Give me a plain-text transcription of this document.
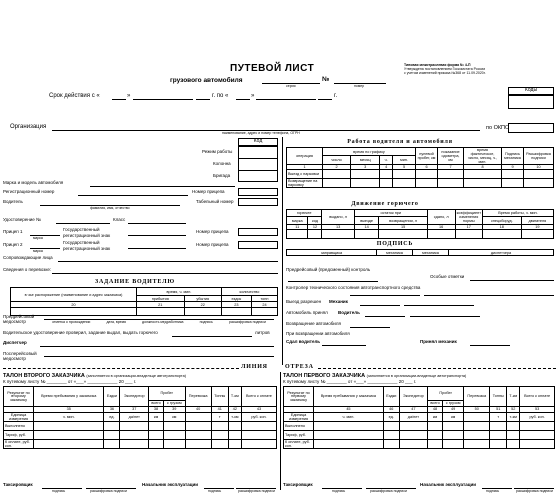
Типовая межотраслевая форма № 4-П
Утверждена постановлением Госкомстата России
с учетом изменений приказа №368 от 11.09.2020г.
ПУТЕВОЙ ЛИСТ
грузового автомобиля	№
серия	номер
Срок действия с «	»	г. по «	»	г.
Коды
по ОКПО
Организация
наименование, адрес и номер телефона, ОГРН
Код
Режим работы
Колонна
Бригада
Марка и модель автомобиля
Регистрационный номер	Номер прицепа
Водитель
фамилия, имя, отчество
Табельный номер
Удостоверение №	Класс
Прицеп 1
марка
Государственный
регистрационный знак
Номер прицепа
Прицеп 2
марка
Государственный
регистрационный знак
Номер прицепа
Сопровождающие лица
Сведения о перевозке:
ЗАДАНИЕ ВОДИТЕЛЮ
в чье распоряжение (наименование и адрес заказчика)	время, ч. мин.		количество	
	прибытия	убытия	ездок	тонн
20	21	22	23	24

Работа водителя и автомобиля
операция	время по графику				нулевой пробег, км	показание одометра, км	время фактическое, число, месяц, ч., мин.	Подпись механика	Расшифровка подписи
	число	месяц	ч.	мин.					
1	2	3	4	5	6	7	8	9	10
Выезд с парковки									
Возвращение на парковку									
Движение горючего
горючее		выдано, л	остаток при		сдано, л	коэффициент изменения нормы	Время работы, ч. мин.	
марка	код		выезде	возвращении, л			спецоборуд.	двигателя
11	12	13	14	15	16	17	18	19

ПОДПИСЬ
заправщика	механика	механика	диспетчера
Предрейсовый (предсменный) контроль
Особые отметки
Контролер технического состояния автотранспортного средства
Выезд разрешен Механик
Автомобиль принял Водитель
Возвращение автомобиля
При возвращении автомобиля
Сдал водитель	Принял механик
Предрейсовый медосмотр	отметка о прохождении	дата, время	должность медработника	подпись	расшифровка подписи
Водительское удостоверение проверил, задание выдал, выдать горючего	литров
Диспетчер
Послерейсовый медосмотр
ЛИНИЯ	ОТРЕЗА
ТАЛОН ВТОРОГО ЗАКАЗЧИКА (заполняется в организации-владельце автотранспорта)
К путевому листу № ________ от «___» ____________ 20 ___ г.
Результат по второму заказчику	Время пребывания у заказчика	Ездки	Экспедитор	Пробег		Перевозка	Тонны	Т-км	Всего к оплате
				всего	с грузом				
	35	36	37	38	39	40	41	42	43
Единица измерения	ч. мин.	ед.	да/нет	км	км		т	т-км	руб. коп.
Выполнено									
Тариф, руб.									
К оплате, руб. коп.									
ТАЛОН ПЕРВОГО ЗАКАЗЧИКА (заполняется в организации-владельце автотранспорта)
К путевому листу № ________ от «___» ____________ 20 ___ г.
Результат по первому заказчику	Время пребывания у заказчика	Ездки	Экспедитор	Пробег		Перевозка	Тонны	Т-км	Всего к оплате
				всего	с грузом				
	45	46	47	48	49	50	51	52	53
Единица измерения	ч. мин.	ед.	да/нет	км	км		т	т-км	руб. коп.
Выполнено									
Тариф, руб.									
К оплате, руб. коп.									
Таксировщик	Начальник эксплуатации
подпись	расшифровка подписи	подпись	расшифровка подписи
Таксировщик	Начальник эксплуатации
подпись	расшифровка подписи	подпись	расшифровка подписи
